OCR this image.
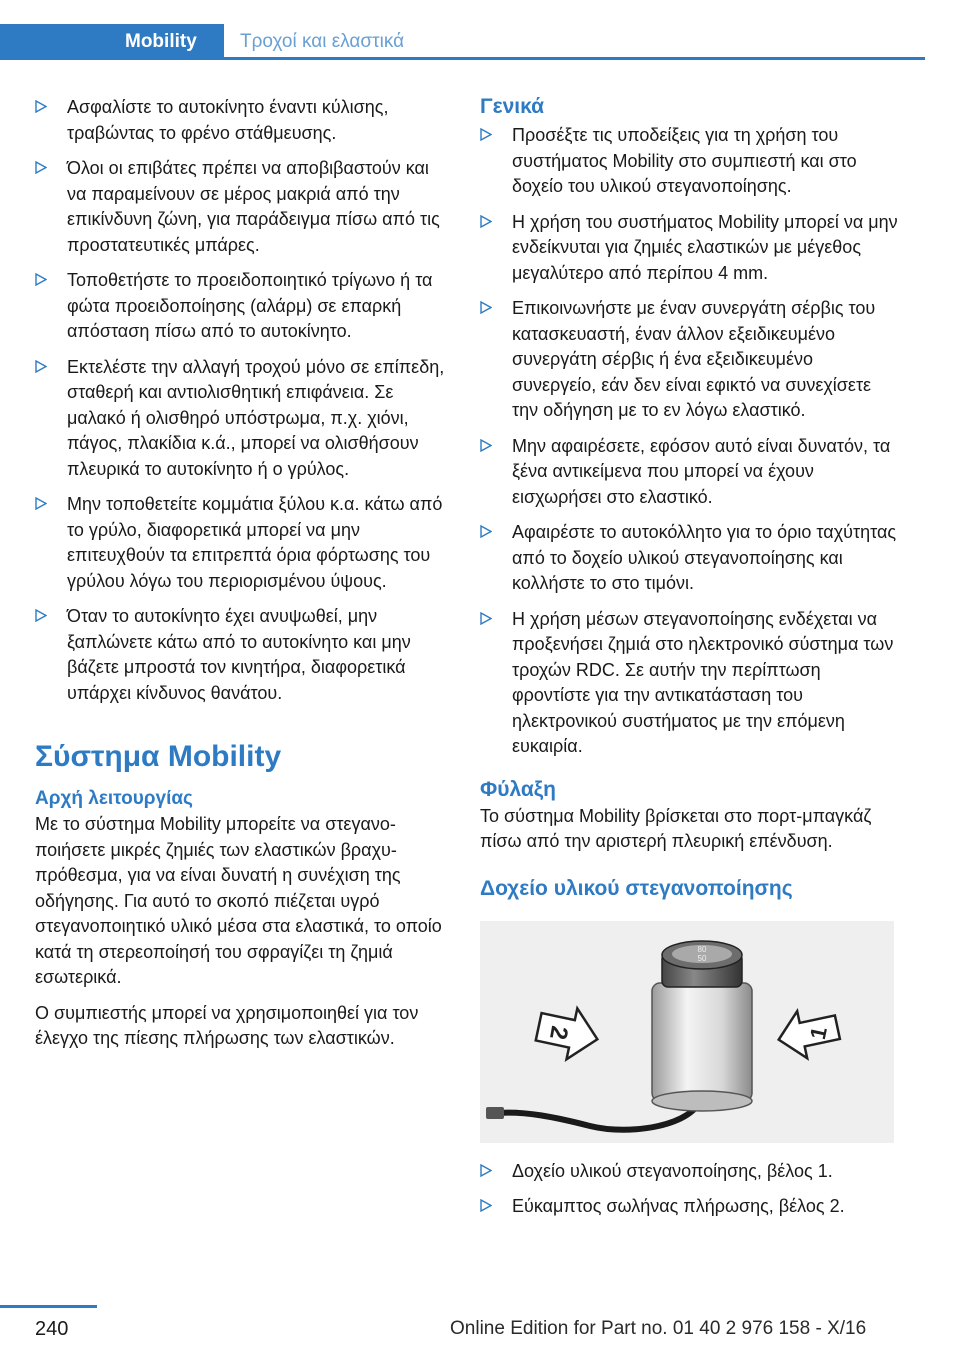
Mobility	Τροχοί και ελαστικά
Ασφαλίστε το αυτοκίνητο έναντι κύλισης, τραβώντας το φρένο στάθμευσης.
Όλοι οι επιβάτες πρέπει να αποβιβαστούν και να παραμείνουν σε μέρος μακριά από την επικίνδυνη ζώνη, για παράδειγμα πίσω από τις προστατευτικές μπάρες.
Τοποθετήστε το προειδοποιητικό τρίγωνο ή τα φώτα προειδοποίησης (αλάρμ) σε επαρκή απόσταση πίσω από το αυτοκίνητο.
Εκτελέστε την αλλαγή τροχού μόνο σε επίπεδη, σταθερή και αντιολισθητική επιφάνεια. Σε μαλακό ή ολισθηρό υπόστρωμα, π.χ. χιόνι, πάγος, πλακίδια κ.ά., μπορεί να ολισθήσουν πλευρικά το αυτοκίνητο ή ο γρύλος.
Μην τοποθετείτε κομμάτια ξύλου κ.α. κάτω από το γρύλο, διαφορετικά μπορεί να μην επιτευχθούν τα επιτρεπτά όρια φόρτωσης του γρύλου λόγω του περιορισμένου ύψους.
Όταν το αυτοκίνητο έχει ανυψωθεί, μην ξαπλώνετε κάτω από το αυτοκίνητο και μην βάζετε μπροστά τον κινητήρα, διαφορετικά υπάρχει κίνδυνος θανάτου.
Σύστημα Mobility
Αρχή λειτουργίας

Με το σύστημα Mobility μπορείτε να στεγανοποιήσετε μικρές ζημιές των ελαστικών βραχυπρόθεσμα, για να είναι δυνατή η συνέχιση της οδήγησης. Για αυτό το σκοπό πιέζεται υγρό στεγανοποιητικό υλικό μέσα στα ελαστικά, το οποίο κατά τη στερεοποίησή του σφραγίζει τη ζημιά εσωτερικά.

Ο συμπιεστής μπορεί να χρησιμοποιηθεί για τον έλεγχο της πίεσης πλήρωσης των ελαστικών.

Γενικά
Προσέξτε τις υποδείξεις για τη χρήση του συστήματος Mobility στο συμπιεστή και στο δοχείο του υλικού στεγανοποίησης.
Η χρήση του συστήματος Mobility μπορεί να μην ενδείκνυται για ζημιές ελαστικών με μέγεθος μεγαλύτερο από περίπου 4 mm.
Επικοινωνήστε με έναν συνεργάτη σέρβις του κατασκευαστή, έναν άλλον εξειδικευμένο συνεργάτη σέρβις ή ένα εξειδικευμένο συνεργείο, εάν δεν είναι εφικτό να συνεχίσετε την οδήγηση με το εν λόγω ελαστικό.
Μην αφαιρέσετε, εφόσον αυτό είναι δυνατόν, τα ξένα αντικείμενα που μπορεί να έχουν εισχωρήσει στο ελαστικό.
Αφαιρέστε το αυτοκόλλητο για το όριο ταχύτητας από το δοχείο υλικού στεγανοποίησης και κολλήστε το στο τιμόνι.
Η χρήση μέσων στεγανοποίησης ενδέχεται να προξενήσει ζημιά στο ηλεκτρονικό σύστημα των τροχών RDC. Σε αυτήν την περίπτωση φροντίστε για την αντικατάσταση του ηλεκτρονικού συστήματος με την επόμενη ευκαιρία.
Φύλαξη

Το σύστημα Mobility βρίσκεται στο πορτ-μπαγκάζ πίσω από την αριστερή πλευρική επένδυση.

Δοχείο υλικού στεγανοποίησης
80
50
2	1
Δοχείο υλικού στεγανοποίησης, βέλος 1.
Εύκαμπτος σωλήνας πλήρωσης, βέλος 2.
240	Online Edition for Part no. 01 40 2 976 158 - X/16
